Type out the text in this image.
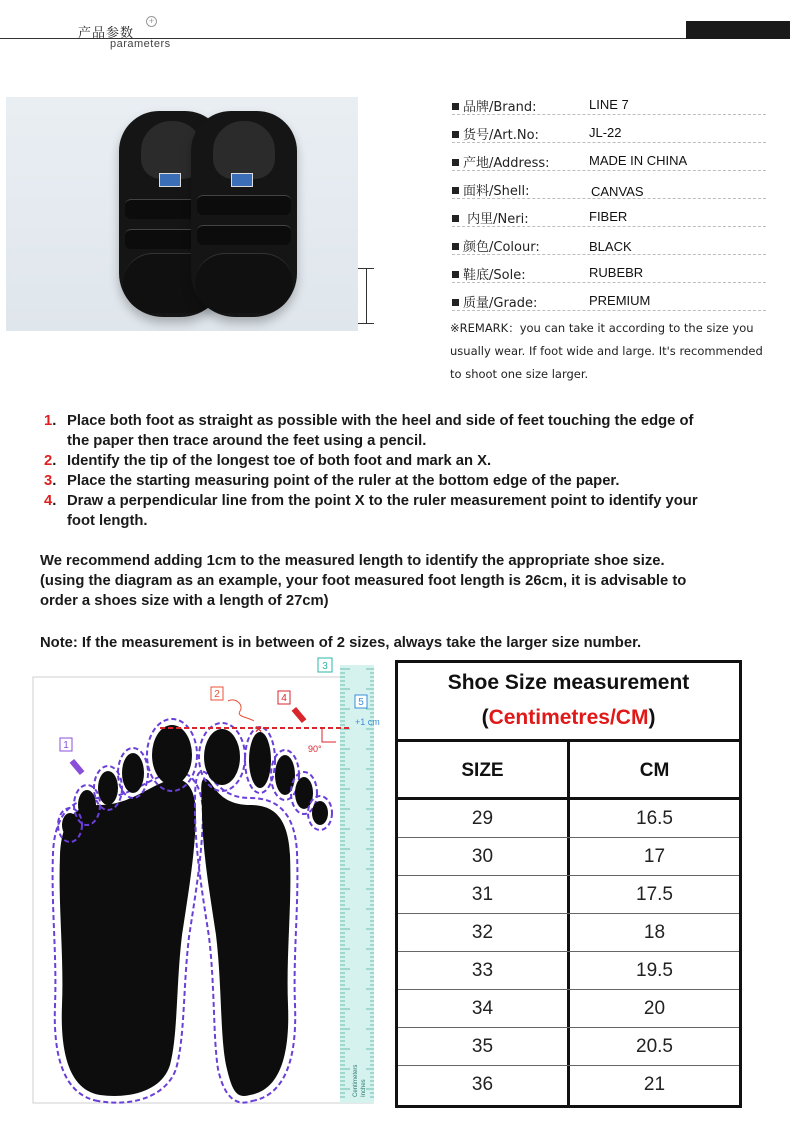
产品参数
+
parameters
品牌/Brand:	LINE 7
货号/Art.No:	JL-22
产地/Address:	MADE IN CHINA
面料/Shell:	CANVAS
内里/Neri:	FIBER
颜色/Colour:	BLACK
鞋底/Sole:	RUBEBR
质量/Grade:	PREMIUM
※REMARK：you can take it according to the size you
usually wear. If foot wide and large. It's recommended
to shoot one size larger.
1 . Place both foot as straight as possible with the heel and side of feet touching the edge of
the paper then trace around the feet using a pencil.
2 . Identify the tip of the longest toe of both foot and mark an X.
3 . Place the starting measuring point of the ruler at the bottom edge of the paper.
4 . Draw a perpendicular line from the point X to the ruler measurement point to identify your
foot length.
We recommend adding 1cm to the measured length to identify the appropriate shoe size.
(using the diagram as an example, your foot measured foot length is 26cm, it is advisable to
order a shoes size with a length of 27cm)
Note: If the measurement is in between of 2 sizes, always take the larger size number.
Centimeters Inches
×
90°
+1 cm
1
2	4
3
5
Shoe Size measurement
(Centimetres/CM)
SIZE	CM
29	16.5
30	17
31	17.5
32	18
33	19.5
34	20
35	20.5
36	21
